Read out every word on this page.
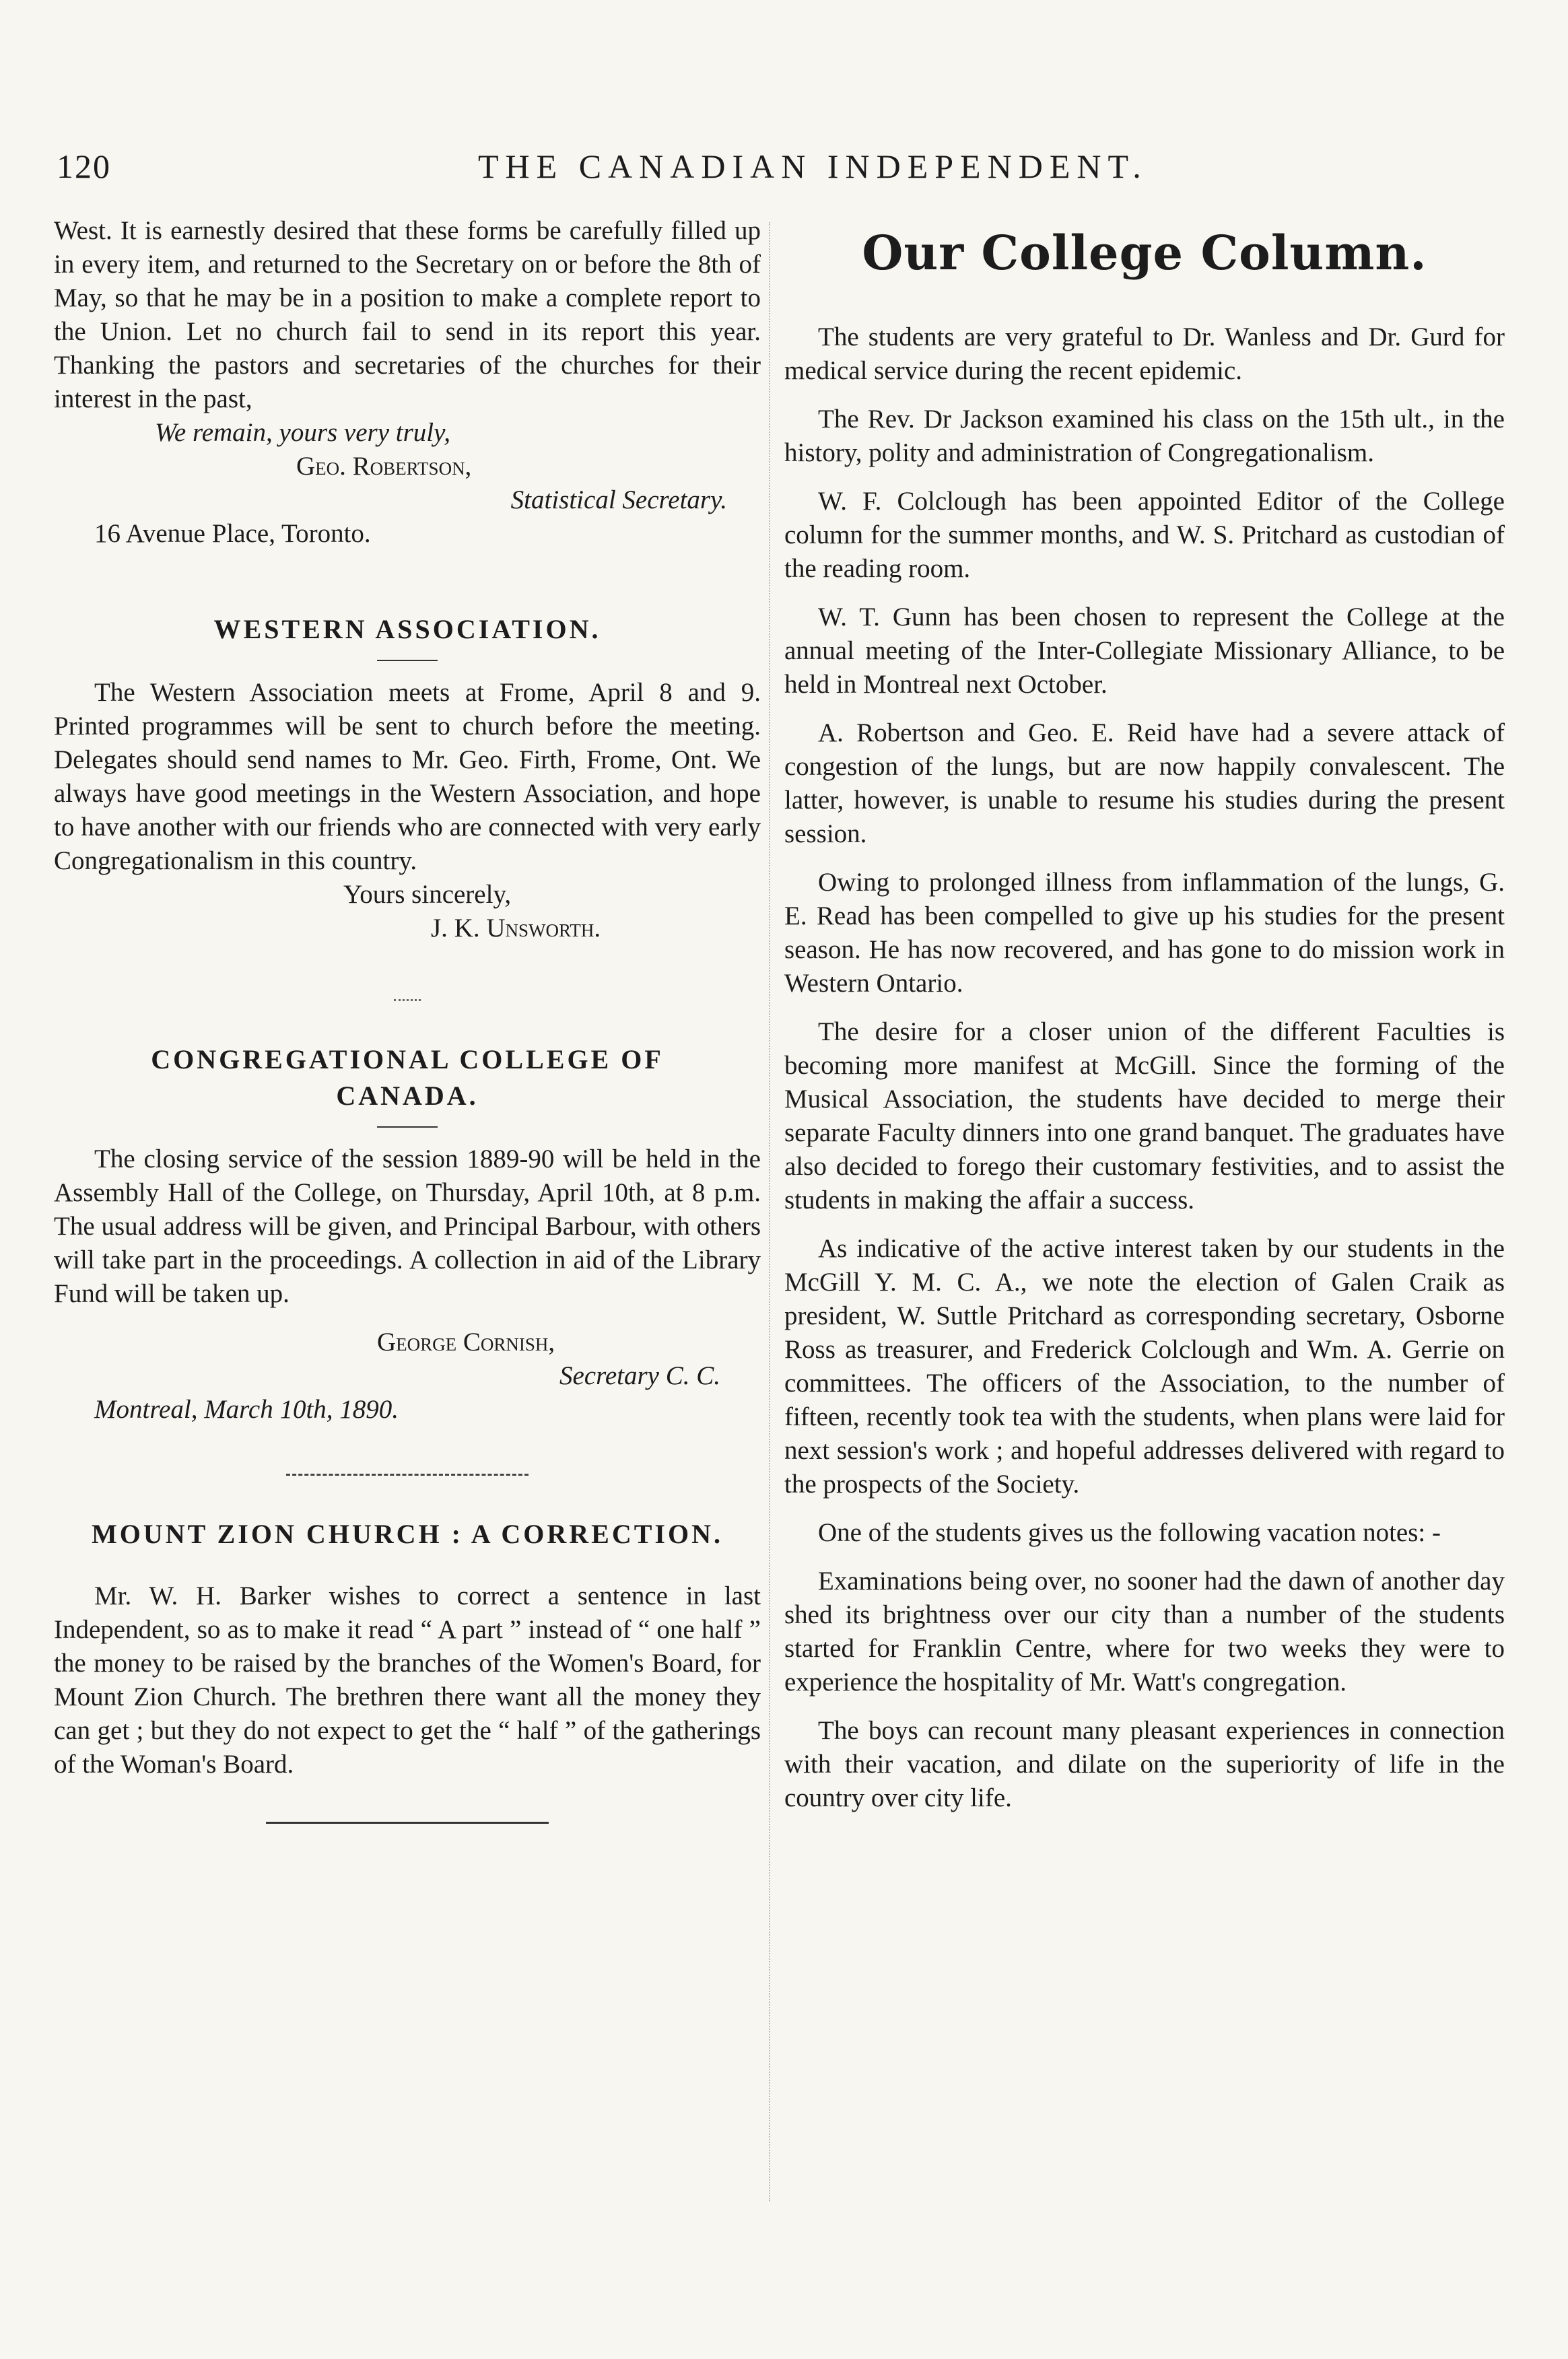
120	THE CANADIAN INDEPENDENT.

West. It is earnestly desired that these forms be carefully filled up in every item, and returned to the Secretary on or before the 8th of May, so that he may be in a position to make a complete report to the Union. Let no church fail to send in its report this year. Thanking the pastors and secretaries of the churches for their interest in the past,

We remain, yours very truly,

Geo. Robertson,

Statistical Secretary.

16 Avenue Place, Toronto.

WESTERN ASSOCIATION.

The Western Association meets at Frome, April 8 and 9. Printed programmes will be sent to church before the meeting. Delegates should send names to Mr. Geo. Firth, Frome, Ont. We always have good meetings in the Western Association, and hope to have another with our friends who are connected with very early Congregationalism in this country.

Yours sincerely,

J. K. Unsworth.

CONGREGATIONAL COLLEGE OF
CANADA.

The closing service of the session 1889-90 will be held in the Assembly Hall of the College, on Thursday, April 10th, at 8 p.m. The usual address will be given, and Principal Barbour, with others will take part in the proceedings. A collection in aid of the Library Fund will be taken up.

George Cornish,

Secretary C. C.

Montreal, March 10th, 1890.

MOUNT ZION CHURCH : A CORRECTION.

Mr. W. H. Barker wishes to correct a sentence in last Independent, so as to make it read “ A part ” instead of “ one half ” the money to be raised by the branches of the Women's Board, for Mount Zion Church. The brethren there want all the money they can get ; but they do not expect to get the “ half ” of the gatherings of the Woman's Board.

Our College Column.

The students are very grateful to Dr. Wanless and Dr. Gurd for medical service during the recent epidemic.

The Rev. Dr Jackson examined his class on the 15th ult., in the history, polity and administration of Congregationalism.

W. F. Colclough has been appointed Editor of the College column for the summer months, and W. S. Pritchard as custodian of the reading room.

W. T. Gunn has been chosen to represent the College at the annual meeting of the Inter-Collegiate Missionary Alliance, to be held in Montreal next October.

A. Robertson and Geo. E. Reid have had a severe attack of congestion of the lungs, but are now happily convalescent. The latter, however, is unable to resume his studies during the present session.

Owing to prolonged illness from inflammation of the lungs, G. E. Read has been compelled to give up his studies for the present season. He has now recovered, and has gone to do mission work in Western Ontario.

The desire for a closer union of the different Faculties is becoming more manifest at McGill. Since the forming of the Musical Association, the students have decided to merge their separate Faculty dinners into one grand banquet. The graduates have also decided to forego their customary festivities, and to assist the students in making the affair a success.

As indicative of the active interest taken by our students in the McGill Y. M. C. A., we note the election of Galen Craik as president, W. Suttle Pritchard as corresponding secretary, Osborne Ross as treasurer, and Frederick Colclough and Wm. A. Gerrie on committees. The officers of the Association, to the number of fifteen, recently took tea with the students, when plans were laid for next session's work ; and hopeful addresses delivered with regard to the prospects of the Society.

One of the students gives us the following vacation notes: -

Examinations being over, no sooner had the dawn of another day shed its brightness over our city than a number of the students started for Franklin Centre, where for two weeks they were to experience the hospitality of Mr. Watt's congregation.

The boys can recount many pleasant experiences in connection with their vacation, and dilate on the superiority of life in the country over city life.
